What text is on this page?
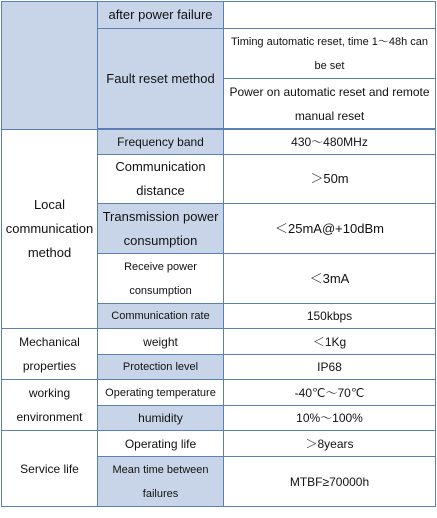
	after power failure	
	Fault reset method	Timing automatic reset, time 1～48h can be set
		Power on automatic reset and remote manual reset

Local communication method	Frequency band	430～480MHz
	Communication distance	＞50m
	Transmission power consumption	＜25mA@+10dBm
	Receive power consumption	＜3mA
	Communication rate	150kbps
Mechanical properties	weight	＜1Kg
	Protection level	IP68
working environment	Operating temperature	-40℃～70℃
	humidity	10%～100%
Service life	Operating life	＞8years
	Mean time between failures	MTBF≥70000h
